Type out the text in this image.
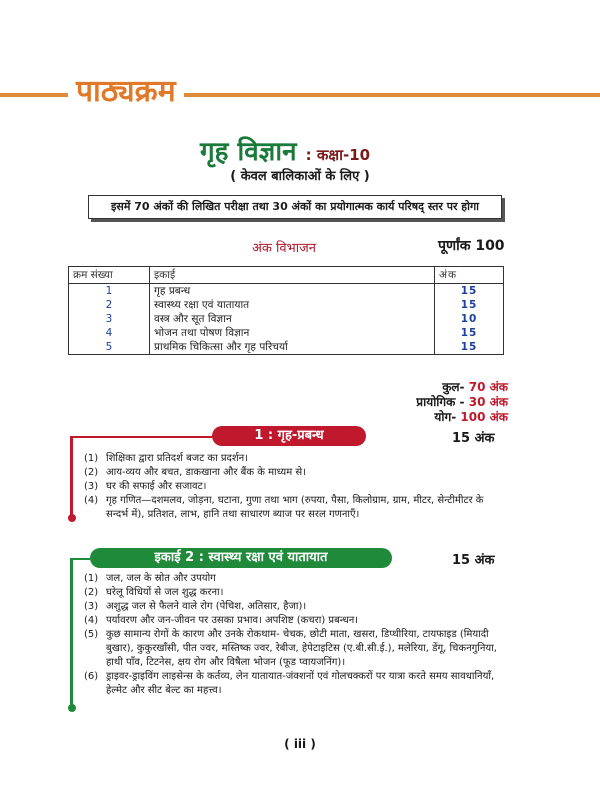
पाठ्यक्रम
गृह विज्ञान : कक्षा-10
( केवल बालिकाओं के लिए )
इसमें 70 अंकों की लिखित परीक्षा तथा 30 अंकों का प्रयोगात्मक कार्य परिषद् स्तर पर होगा
अंक विभाजन	पूर्णांक 100
क्रम संख्या	इकाई	अंक
1	गृह प्रबन्ध	15
2	स्वास्थ्य रक्षा एवं यातायात	15
3	वस्त्र और सूत विज्ञान	10
4	भोजन तथा पोषण विज्ञान	15
5	प्राथमिक चिकित्सा और गृह परिचर्या	15
कुल- 70 अंक
प्रायोगिक - 30 अंक
योग- 100 अंक
1 : गृह-प्रबन्ध	15 अंक
(1) शिक्षिका द्वारा प्रतिदर्श बजट का प्रदर्शन।
(2) आय-व्यय और बचत, डाकखाना और बैंक के माध्यम से।
(3) घर की सफाई और सजावट।
(4) गृह गणित—दशमलव, जोड़ना, घटाना, गुणा तथा भाग (रुपया, पैसा, किलोग्राम, ग्राम, मीटर, सेन्टीमीटर के सन्दर्भ में), प्रतिशत, लाभ, हानि तथा साधारण ब्याज पर सरल गणनाएँ।
इकाई 2 : स्वास्थ्य रक्षा एवं यातायात	15 अंक
(1) जल, जल के स्रोत और उपयोग
(2) घरेलू विधियों से जल शुद्ध करना।
(3) अशुद्ध जल से फैलने वाले रोग (पेचिश, अतिसार, हैजा)।
(4) पर्यावरण और जन-जीवन पर उसका प्रभाव। अपशिष्ट (कचरा) प्रबन्धन।
(5) कुछ सामान्य रोगों के कारण और उनके रोकथाम- चेचक, छोटी माता, खसरा, डिप्थीरिया, टायफाइड (मियादी बुखार), कुकुरखाँसी, पीत ज्वर, मस्तिष्क ज्वर, रेबीज, हेपेटाइटिस (ए.बी.सी.ई.), मलेरिया, डेंगू, चिकनगुनिया, हाथी पाँव, टिटनेस, क्षय रोग और विषैला भोजन (फूड प्वायजनिंग)।
(6) ड्राइवर-ड्राइविंग लाइसेन्स के कर्तव्य, लेन यातायात-जंक्शनों एवं गोलचक्करों पर यात्रा करते समय सावधानियाँ, हेल्मेट और सीट बेल्ट का महत्त्व।
( iii )
